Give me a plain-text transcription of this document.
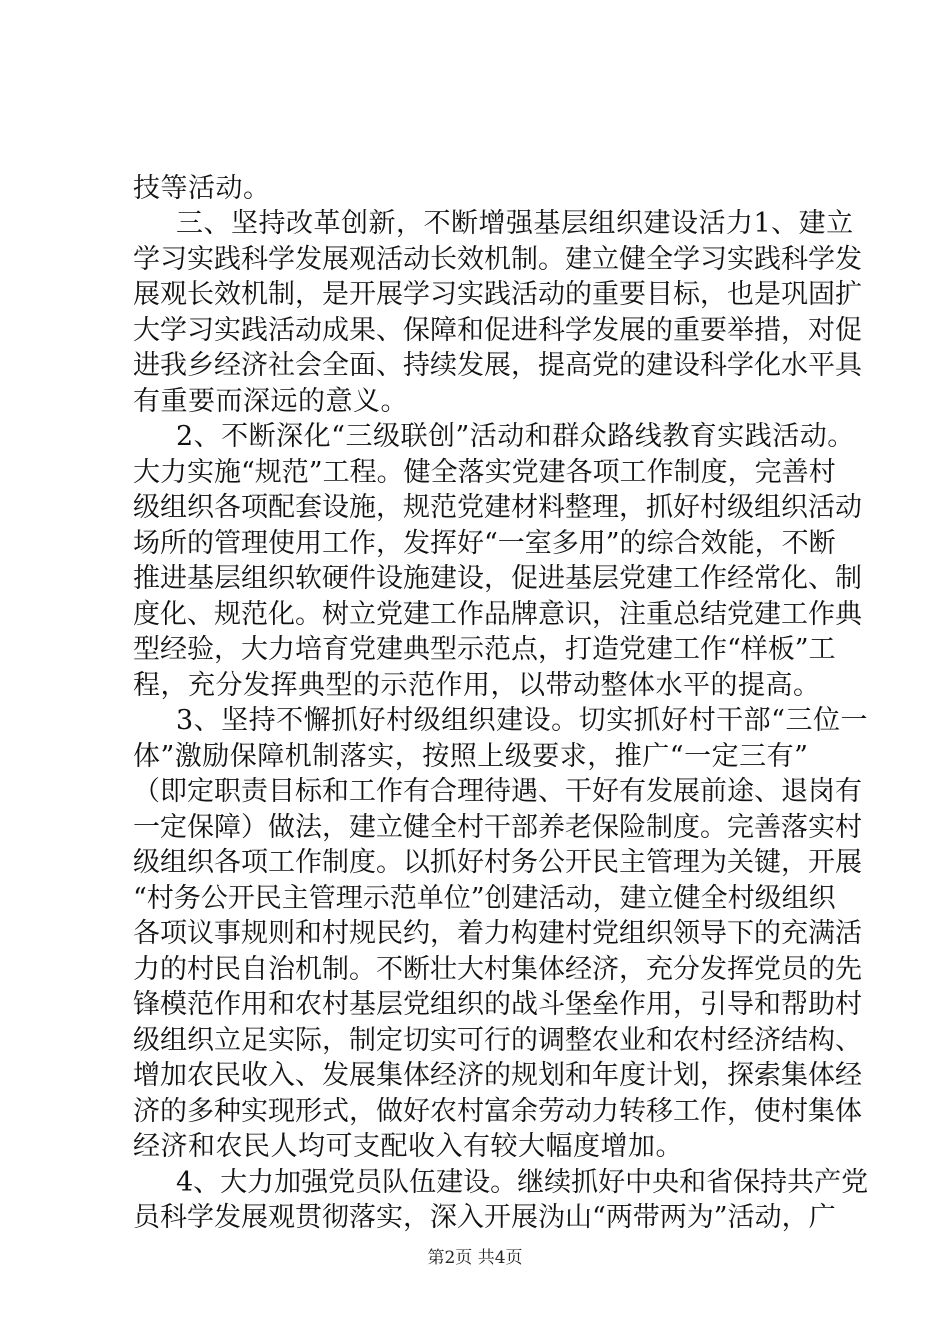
技等活动。
三、坚持改革创新，不断增强基层组织建设活力1、建立
学习实践科学发展观活动长效机制。建立健全学习实践科学发
展观长效机制，是开展学习实践活动的重要目标，也是巩固扩
大学习实践活动成果、保障和促进科学发展的重要举措，对促
进我乡经济社会全面、持续发展，提高党的建设科学化水平具
有重要而深远的意义。
2、不断深化“三级联创”活动和群众路线教育实践活动。
大力实施“规范”工程。健全落实党建各项工作制度，完善村
级组织各项配套设施，规范党建材料整理，抓好村级组织活动
场所的管理使用工作，发挥好“一室多用”的综合效能，不断
推进基层组织软硬件设施建设，促进基层党建工作经常化、制
度化、规范化。树立党建工作品牌意识，注重总结党建工作典
型经验，大力培育党建典型示范点，打造党建工作“样板”工
程，充分发挥典型的示范作用，以带动整体水平的提高。
3、坚持不懈抓好村级组织建设。切实抓好村干部“三位一
体”激励保障机制落实，按照上级要求，推广“一定三有”
（即定职责目标和工作有合理待遇、干好有发展前途、退岗有
一定保障）做法，建立健全村干部养老保险制度。完善落实村
级组织各项工作制度。以抓好村务公开民主管理为关键，开展
“村务公开民主管理示范单位”创建活动，建立健全村级组织
各项议事规则和村规民约，着力构建村党组织领导下的充满活
力的村民自治机制。不断壮大村集体经济，充分发挥党员的先
锋模范作用和农村基层党组织的战斗堡垒作用，引导和帮助村
级组织立足实际，制定切实可行的调整农业和农村经济结构、
增加农民收入、发展集体经济的规划和年度计划，探索集体经
济的多种实现形式，做好农村富余劳动力转移工作，使村集体
经济和农民人均可支配收入有较大幅度增加。
4、大力加强党员队伍建设。继续抓好中央和省保持共产党
员科学发展观贯彻落实，深入开展沩山“两带两为”活动，广
第2页 共4页
